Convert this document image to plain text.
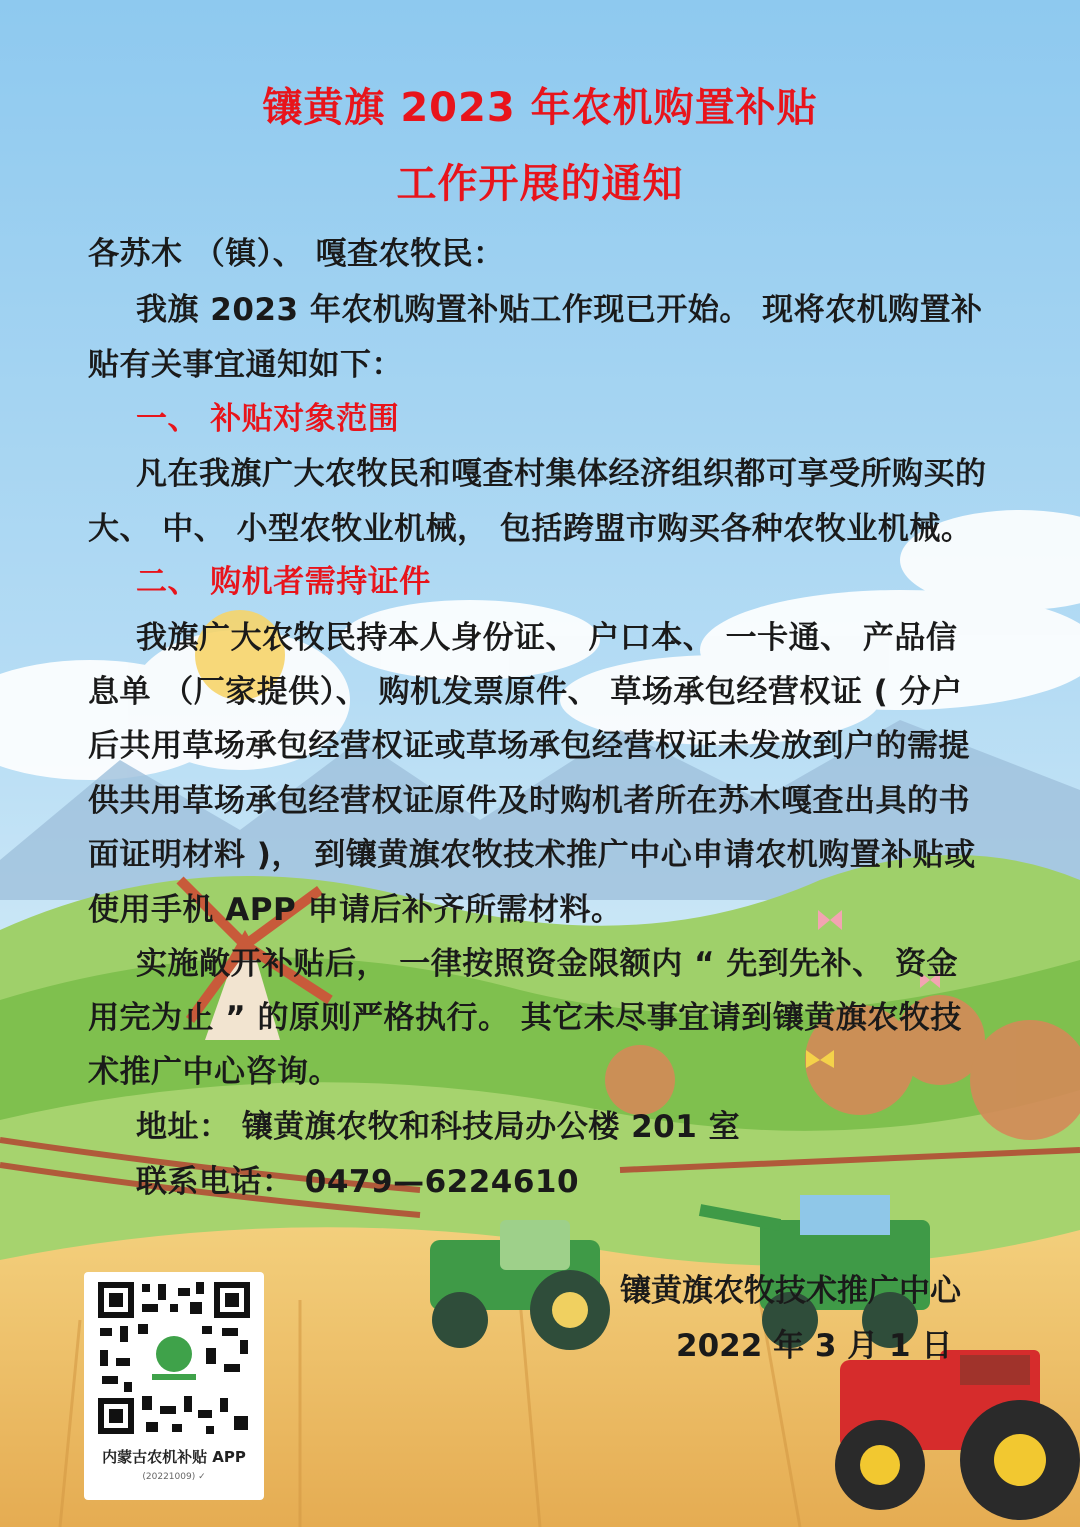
镶黄旗 2023 年农机购置补贴
工作开展的通知
各苏木 （镇）、 嘎查农牧民：
我旗 2023 年农机购置补贴工作现已开始。 现将农机购置补
贴有关事宜通知如下：
一、 补贴对象范围
凡在我旗广大农牧民和嘎查村集体经济组织都可享受所购买的
大、 中、 小型农牧业机械， 包括跨盟市购买各种农牧业机械。
二、 购机者需持证件
我旗广大农牧民持本人身份证、 户口本、 一卡通、 产品信
息单 （厂家提供）、 购机发票原件、 草场承包经营权证 ( 分户
后共用草场承包经营权证或草场承包经营权证未发放到户的需提
供共用草场承包经营权证原件及时购机者所在苏木嘎查出具的书
面证明材料 )， 到镶黄旗农牧技术推广中心申请农机购置补贴或
使用手机 APP 申请后补齐所需材料。
实施敞开补贴后， 一律按照资金限额内 “ 先到先补、 资金
用完为止 ” 的原则严格执行。 其它未尽事宜请到镶黄旗农牧技
术推广中心咨询。
地址： 镶黄旗农牧和科技局办公楼 201 室
联系电话： 0479—6224610
镶黄旗农牧技术推广中心
2022 年 3 月 1 日
内蒙古农机补贴 APP
(20221009) ✓
